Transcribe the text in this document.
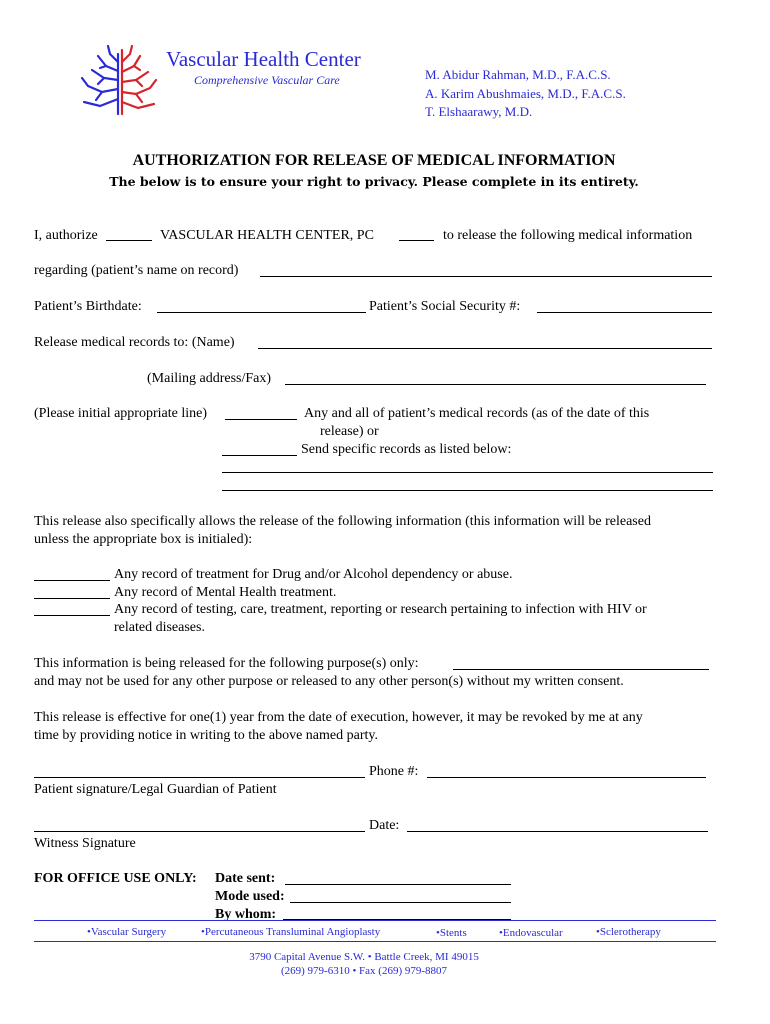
Vascular Health Center
Comprehensive Vascular Care	M. Abidur Rahman, M.D., F.A.C.S.
A. Karim Abushmaies, M.D., F.A.C.S.
T. Elshaarawy, M.D.
AUTHORIZATION FOR RELEASE OF MEDICAL INFORMATION
The below is to ensure your right to privacy. Please complete in its entirety.
I, authorize	VASCULAR HEALTH CENTER, PC	to release the following medical information
regarding (patient’s name on record)
Patient’s Birthdate:	Patient’s Social Security #:
Release medical records to: (Name)
(Mailing address/Fax)
(Please initial appropriate line)	Any and all of patient’s medical records (as of the date of this
release) or
Send specific records as listed below:
This release also specifically allows the release of the following information (this information will be released
unless the appropriate box is initialed):
Any record of treatment for Drug and/or Alcohol dependency or abuse.
Any record of Mental Health treatment.
Any record of testing, care, treatment, reporting or research pertaining to infection with HIV or
related diseases.
This information is being released for the following purpose(s) only:
and may not be used for any other purpose or released to any other person(s) without my written consent.
This release is effective for one(1) year from the date of execution, however, it may be revoked by me at any
time by providing notice in writing to the above named party.
Phone #:
Patient signature/Legal Guardian of Patient
Date:
Witness Signature
FOR OFFICE USE ONLY: Date sent:
Mode used:
By whom:
•Vascular Surgery	•Percutaneous Transluminal Angioplasty	•Stents	•Endovascular	•Sclerotherapy
3790 Capital Avenue S.W. • Battle Creek, MI 49015
(269) 979-6310 • Fax (269) 979-8807
